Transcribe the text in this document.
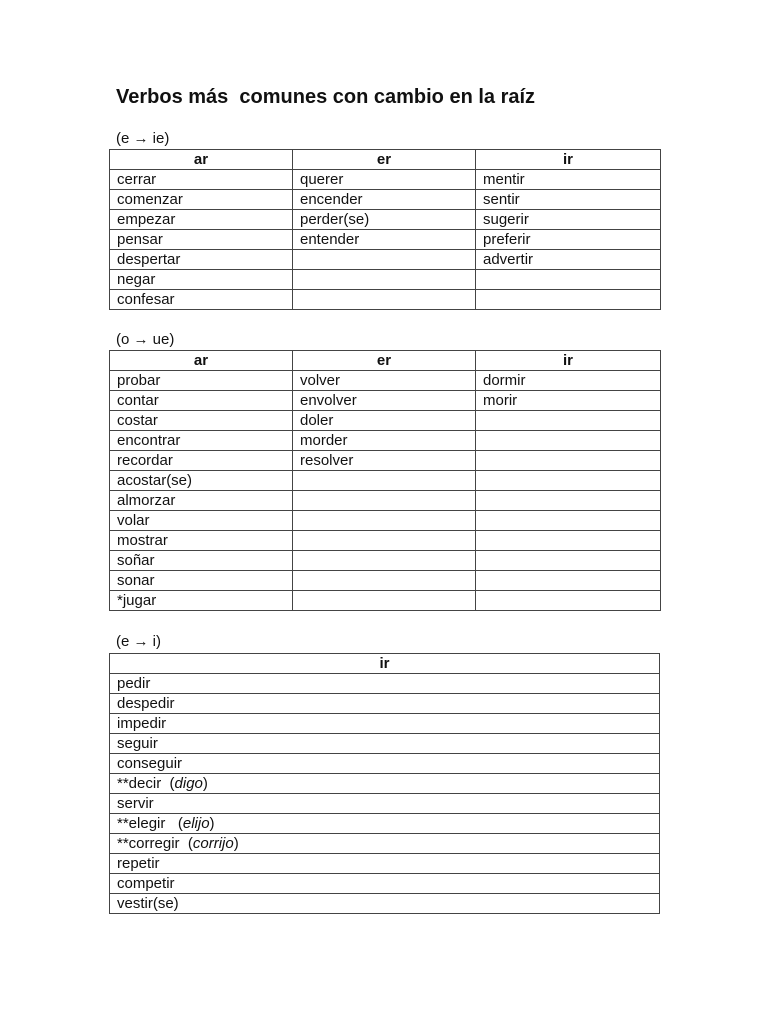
Verbos más  comunes con cambio en la raíz
(e → ie)
ar	er	ir
cerrar	querer	mentir
comenzar	encender	sentir
empezar	perder(se)	sugerir
pensar	entender	preferir
despertar		advertir
negar		
confesar		
(o → ue)
ar	er	ir
probar	volver	dormir
contar	envolver	morir
costar	doler	
encontrar	morder	
recordar	resolver	
acostar(se)		
almorzar		
volar		
mostrar		
soñar		
sonar		
*jugar		
(e → i)
ir
pedir
despedir
impedir
seguir
conseguir
**decir  (digo)
servir
**elegir   (elijo)
**corregir  (corrijo)
repetir
competir
vestir(se)
